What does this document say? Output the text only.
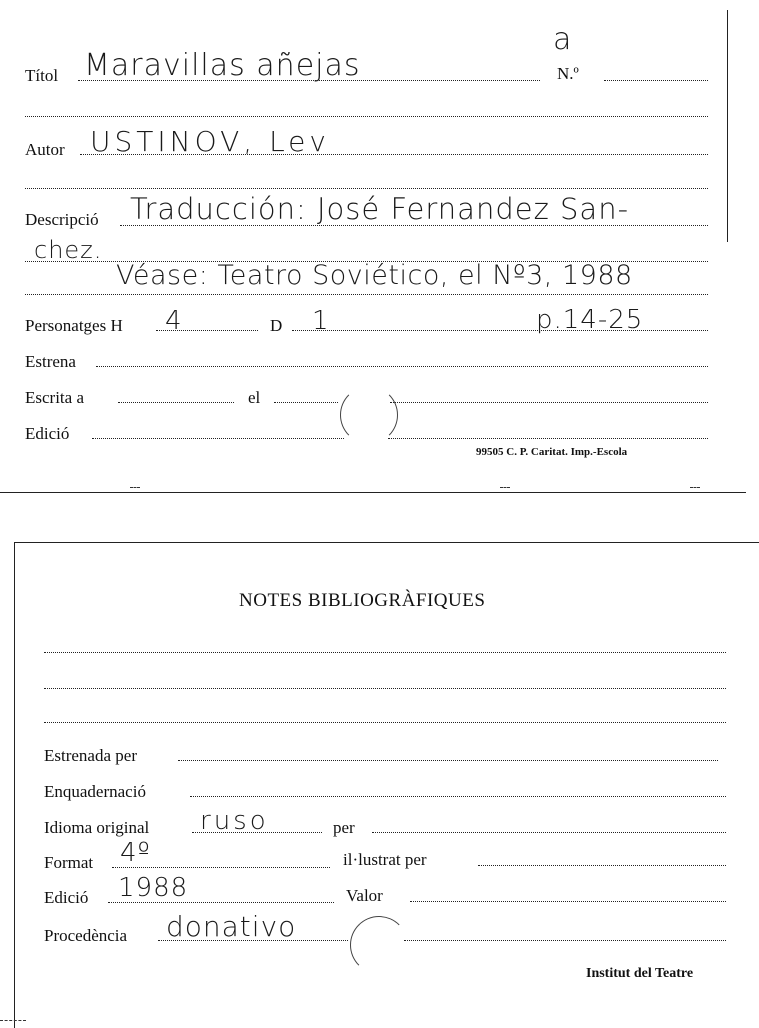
a
Títol Maravillas añejas	N.º
Autor USTINOV, Lev
Descripció Traducción: José Fernandez San-
chez.
Véase: Teatro Soviético, el Nº3, 1988
Personatges H 4	D 1	p.14-25
Estrena
Escrita a	el
Edició
99505 C. P. Caritat. Imp.-Escola
NOTES BIBLIOGRÀFIQUES
Estrenada per
Enquadernació
Idioma original ruso	per
Format 4º	il·lustrat per
Edició 1988	Valor
Procedència donativo
Institut del Teatre
